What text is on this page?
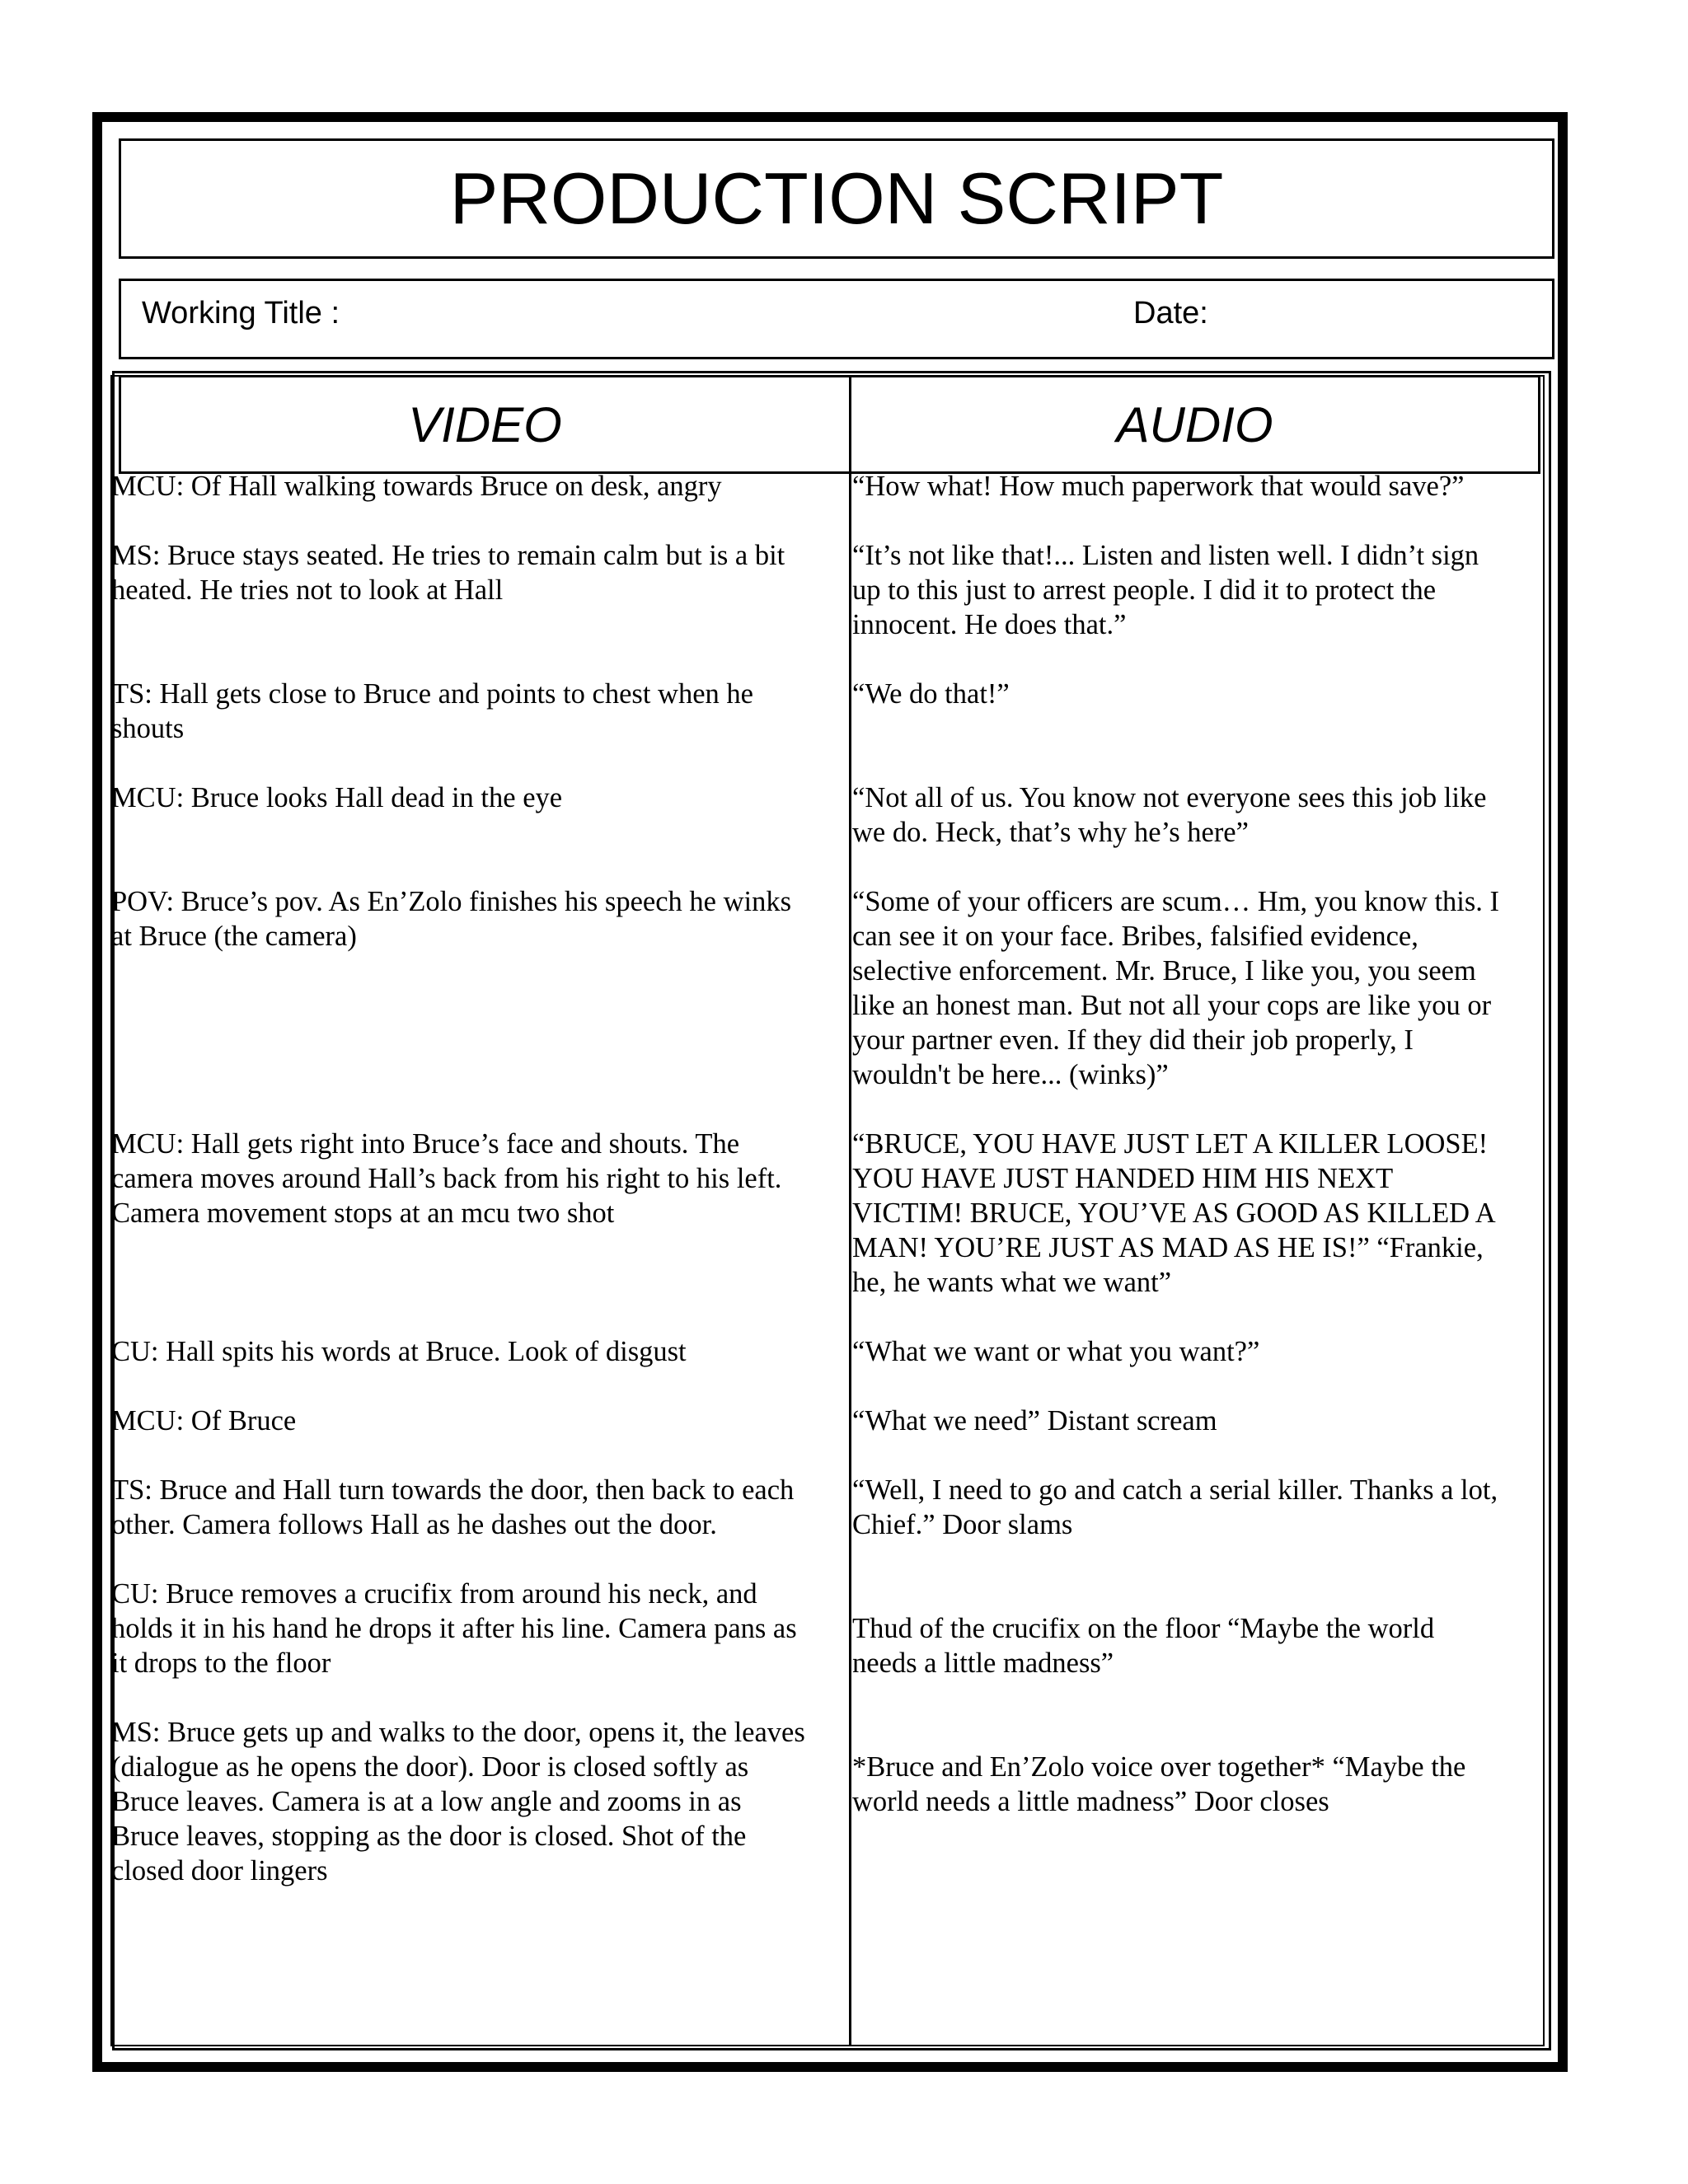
PRODUCTION SCRIPT
Working Title :	Date:
VIDEO	AUDIO

MCU: Of Hall walking towards Bruce on desk, angry

MS: Bruce stays seated. He tries to remain calm but is a bit
heated. He tries not to look at Hall

TS: Hall gets close to Bruce and points to chest when he
shouts

MCU: Bruce looks Hall dead in the eye

POV: Bruce’s pov. As En’Zolo finishes his speech he winks
at Bruce (the camera)

MCU: Hall gets right into Bruce’s face and shouts. The
camera moves around Hall’s back from his right to his left.
Camera movement stops at an mcu two shot

CU: Hall spits his words at Bruce. Look of disgust

MCU: Of Bruce

TS: Bruce and Hall turn towards the door, then back to each
other. Camera follows Hall as he dashes out the door.

CU: Bruce removes a crucifix from around his neck, and
holds it in his hand he drops it after his line. Camera pans as
it drops to the floor

MS: Bruce gets up and walks to the door, opens it, the leaves
(dialogue as he opens the door). Door is closed softly as
Bruce leaves. Camera is at a low angle and zooms in as
Bruce leaves, stopping as the door is closed. Shot of the
closed door lingers

“How what! How much paperwork that would save?”

“It’s not like that!... Listen and listen well. I didn’t sign
up to this just to arrest people. I did it to protect the
innocent. He does that.”

“We do that!”

“Not all of us. You know not everyone sees this job like
we do. Heck, that’s why he’s here”

“Some of your officers are scum… Hm, you know this. I
can see it on your face. Bribes, falsified evidence,
selective enforcement. Mr. Bruce, I like you, you seem
like an honest man. But not all your cops are like you or
your partner even. If they did their job properly, I
wouldn't be here... (winks)”

“BRUCE, YOU HAVE JUST LET A KILLER LOOSE!
YOU HAVE JUST HANDED HIM HIS NEXT
VICTIM! BRUCE, YOU’VE AS GOOD AS KILLED A
MAN! YOU’RE JUST AS MAD AS HE IS!” “Frankie,
he, he wants what we want”

“What we want or what you want?”

“What we need” Distant scream

“Well, I need to go and catch a serial killer. Thanks a lot,
Chief.” Door slams

Thud of the crucifix on the floor “Maybe the world
needs a little madness”

*Bruce and En’Zolo voice over together* “Maybe the
world needs a little madness” Door closes
